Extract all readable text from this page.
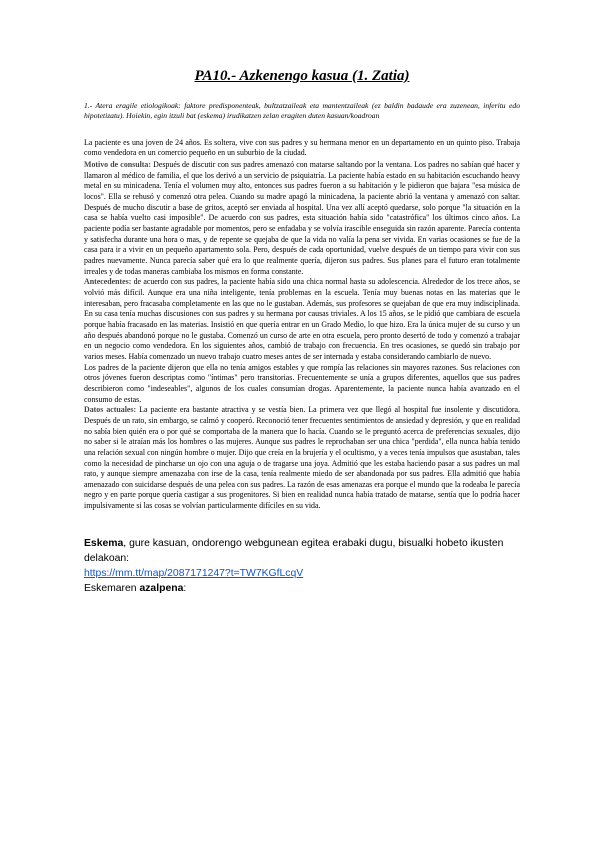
PA10.- Azkenengo kasua (1. Zatia)

1.- Atera eragile etiologikoak: faktore predisponenteak, bultzatzaileak eta mantentzaileak (ez baldin badaude era zuzenean, inferitu edo hipotetizatu). Hoiekin, egin itzuli bat (eskema) irudikatzen zelan eragiten duten kasuan/koadroan

La paciente es una joven de 24 años. Es soltera, vive con sus padres y su hermana menor en un departamento en un quinto piso. Trabaja como vendedora en un comercio pequeño en un suburbio de la ciudad.

Motivo de consulta: Después de discutir con sus padres amenazó con matarse saltando por la ventana. Los padres no sabían qué hacer y llamaron al médico de familia, el que los derivó a un servicio de psiquiatría. La paciente había estado en su habitación escuchando heavy metal en su minicadena. Tenía el volumen muy alto, entonces sus padres fueron a su habitación y le pidieron que bajara "esa música de locos". Ella se rehusó y comenzó otra pelea. Cuando su madre apagó la minicadena, la paciente abrió la ventana y amenazó con saltar. Después de mucho discutir a base de gritos, aceptó ser enviada al hospital. Una vez allí aceptó quedarse, solo porque "la situación en la casa se había vuelto casi imposible". De acuerdo con sus padres, esta situación había sido "catastrófica" los últimos cinco años. La paciente podía ser bastante agradable por momentos, pero se enfadaba y se volvía irascible enseguida sin razón aparente. Parecía contenta y satisfecha durante una hora o mas, y de repente se quejaba de que la vida no valía la pena ser vivida. En varias ocasiones se fue de la casa para ir a vivir en un pequeño apartamento sola. Pero, después de cada oportunidad, vuelve después de un tiempo para vivir con sus padres nuevamente. Nunca parecía saber qué era lo que realmente quería, dijeron sus padres. Sus planes para el futuro eran totalmente irreales y de todas maneras cambiaba los mismos en forma constante.

Antecedentes: de acuerdo con sus padres, la paciente había sido una chica normal hasta su adolescencia. Alrededor de los trece años, se volvió más difícil. Aunque era una niña inteligente, tenía problemas en la escuela. Tenía muy buenas notas en las materias que le interesaban, pero fracasaba completamente en las que no le gustaban. Además, sus profesores se quejaban de que era muy indisciplinada. En su casa tenía muchas discusiones con sus padres y su hermana por causas triviales. A los 15 años, se le pidió que cambiara de escuela porque había fracasado en las materias. Insistió en que quería entrar en un Grado Medio, lo que hizo. Era la única mujer de su curso y un año después abandonó porque no le gustaba. Comenzó un curso de arte en otra escuela, pero pronto desertó de todo y comenzó a trabajar en un negocio como vendedora. En los siguientes años, cambió de trabajo con frecuencia. En tres ocasiones, se quedó sin trabajo por varios meses. Había comenzado un nuevo trabajo cuatro meses antes de ser internada y estaba considerando cambiarlo de nuevo.

Los padres de la paciente dijeron que ella no tenía amigos estables y que rompía las relaciones sin mayores razones. Sus relaciones con otros jóvenes fueron descriptas como "íntimas" pero transitorias. Frecuentemente se unía a grupos diferentes, aquellos que sus padres describieron como "indeseables", algunos de los cuales consumían drogas. Aparentemente, la paciente nunca había avanzado en el consumo de estas.

Datos actuales: La paciente era bastante atractiva y se vestía bien. La primera vez que llegó al hospital fue insolente y discutidora. Después de un rato, sin embargo, se calmó y cooperó. Reconoció tener frecuentes sentimientos de ansiedad y depresión, y que en realidad no sabía bien quién era o por qué se comportaba de la manera que lo hacía. Cuando se le preguntó acerca de preferencias sexuales, dijo no saber si le atraían más los hombres o las mujeres. Aunque sus padres le reprochaban ser una chica "perdida", ella nunca había tenido una relación sexual con ningún hombre o mujer. Dijo que creía en la brujería y el ocultismo, y a veces tenía impulsos que asustaban, tales como la necesidad de pincharse un ojo con una aguja o de tragarse una joya. Admitió que les estaba haciendo pasar a sus padres un mal rato, y aunque siempre amenazaba con irse de la casa, tenía realmente miedo de ser abandonada por sus padres. Ella admitió que había amenazado con suicidarse después de una pelea con sus padres. La razón de esas amenazas era porque el mundo que la rodeaba le parecía negro y en parte porque quería castigar a sus progenitores. Si bien en realidad nunca había tratado de matarse, sentía que lo podría hacer impulsivamente si las cosas se volvían particularmente difíciles en su vida.

Eskema, gure kasuan, ondorengo webgunean egitea erabaki dugu, bisualki hobeto ikusten delakoan:

https://mm.tt/map/2087171247?t=TW7KGfLcqV

Eskemaren azalpena:
